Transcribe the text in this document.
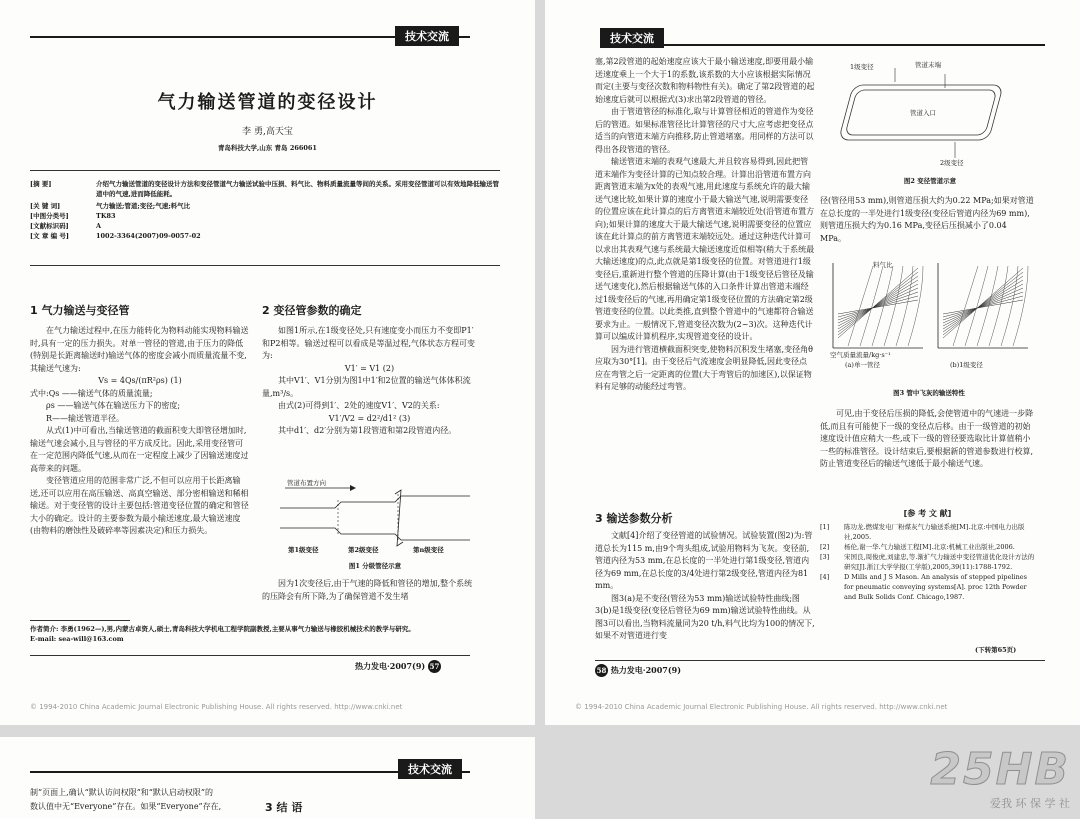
技术交流
气力输送管道的变径设计
李 勇,高天宝
青岛科技大学,山东 青岛 266061
[摘 要]	介绍气力输送管道的变径设计方法和变径管道气力输送试验中压损、料气比、物料质量流量等间的关系。采用变径管道可以有效地降低输送管道中的气速,进而降低能耗。
[关 键 词]	气力输送;管道;变径;气速;料气比
[中图分类号]	TK83
[文献标识码]	A
[文 章 编 号]	1002-3364(2007)09-0057-02
1 气力输送与变径管
在气力输送过程中,在压力能转化为物料动能实现物料输送时,具有一定的压力损失。对单一管径的管道,由于压力的降低(特别是长距离输送时)输送气体的密度会减小而质量流量不变,其输送气速为:
Vs = 4Qs/(πR²ρs) (1)
式中:Qs ——输送气体的质量流量;
ρs ——输送气体在输送压力下的密度;
R——输送管道半径。
从式(1)中可看出,当输送管道的截面积变大即管径增加时,输送气速会减小,且与管径的平方成反比。因此,采用变径管可在一定范围内降低气速,从而在一定程度上减少了因输送速度过高带来的问题。
变径管道应用的范围非常广泛,不但可以应用于长距离输送,还可以应用在高压输送、高真空输送、部分密相输送和稀相输送。对于变径管的设计主要包括:管道变径位置的确定和管径大小的确定。设计的主要参数为最小输送速度,最大输送速度(由物料的磨蚀性及破碎率等因素决定)和压力损失。
2 变径管参数的确定
如图1所示,在1级变径处,只有速度变小而压力不变即P1′和P2相等。输送过程可以看成是等温过程,气体状态方程可变为:
V1′ = V1 (2)
其中V1′、V1分别为图1中1′和2位置的输送气体体积流量,m³/s。
由式(2)可得到1′、2处的速度V1′、V2的关系:
V1′/V2 = d2²/d1² (3)
其中d1′、d2′分别为第1段管道和第2段管道内径。
管道布置方向
第1级变径	第2级变径	第n级变径
图1 分级管径示意
因为1次变径后,由于气速的降低和管径的增加,整个系统的压降会有所下降,为了确保管道不发生堵
作者简介: 李勇(1962—),男,内蒙古卓资人,硕士,青岛科技大学机电工程学院副教授,主要从事气力输送与橡胶机械技术的教学与研究。
E-mail: sea-will@163.com
热力发电·2007(9) 57
© 1994-2010 China Academic Journal Electronic Publishing House. All rights reserved. http://www.cnki.net
技术交流
塞,第2段管道的起始速度应该大于最小输送速度,即要用最小输送速度乘上一个大于1的系数,该系数的大小应该根据实际情况而定(主要与变径次数和物料物性有关)。确定了第2段管道的起始速度后就可以根据式(3)求出第2段管道的管径。
由于管道管径的标准化,取与计算管径相近的管道作为变径后的管道。如果标准管径比计算管径的尺寸大,应考虑把变径点适当的向管道末端方向推移,防止管道堵塞。用同样的方法可以得出各段管道的管径。
输送管道末端的表观气速最大,并且较容易得到,因此把管道末端作为变径计算的已知点较合理。计算出沿管道布置方向距离管道末端为x处的表观气速,用此速度与系统允许的最大输送气速比较,如果计算的速度小于最大输送气速,说明需要变径的位置应该在此计算点的后方离管道末端较近处(沿管道布置方向);如果计算的速度大于最大输送气速,说明需要变径的位置应该在此计算点的前方离管道末端较远处。通过这种迭代计算可以求出其表观气速与系统最大输送速度近似相等(稍大于系统最大输送速度)的点,此点就是第1级变径的位置。对管道进行1级变径后,重新进行整个管道的压降计算(由于1级变径后管径及输送气速变化),然后根据输送气体的入口条件计算出管道末端经过1级变径后的气速,再用确定第1级变径位置的方法确定第2级管道变径的位置。以此类推,直到整个管道中的气速都符合输送要求为止。一般情况下,管道变径次数为(2~3)次。这种迭代计算可以编成计算机程序,实现管道变径的设计。
因为进行管道横截面积突变,使物料沉积发生堵塞,变径角θ应取为30°[1]。由于变径后气流速度会明显降低,因此变径点应在弯管之后一定距离的位置(大于弯管后的加速区),以保证物料有足够的动能经过弯管。
3 输送参数分析
文献[4]介绍了变径管道的试验情况。试验装置(图2)为:管道总长为115 m,由9个弯头组成,试验用物料为飞灰。变径前,管道内径为53 mm,在总长度的一半处进行第1级变径,管道内径为69 mm,在总长度的3/4处进行第2级变径,管道内径为81 mm。
图3(a)是不变径(管径为53 mm)输送试验特性曲线;图3(b)是1级变径(变径后管径为69 mm)输送试验特性曲线。从图3可以看出,当物料流量同为20 t/h,料气比均为100的情况下,如果不对管道进行变
1级变径	管道末端
管道入口
2级变径
图2 变径管道示意
径(管径用53 mm),则管道压损大约为0.22 MPa;如果对管道在总长度的一半处进行1级变径(变径后管道内径为69 mm),则管道压损大约为0.16 MPa,变径后压损减小了0.04 MPa。
料气比
空气质量流量/kg·s⁻¹
(a)单一管径	(b)1级变径
图3 管中飞灰的输送特性
可见,由于变径后压损的降低,会使管道中的气速进一步降低,而且有可能使下一级的变径点后移。由于一级管道的初始速度设计值应稍大一些,或下一级的管径要选取比计算值稍小一些的标准管径。设计结束后,要根据新的管道参数进行校算,防止管道变径后的输送气速低于最小输送气速。
[参 考 文 献]
[1]	陈功龙.燃煤发电厂粉煤灰气力输送系统[M].北京:中国电力出版社,2005.
[2]	杨伦,谢一华.气力输送工程[M].北京:机械工业出版社,2006.
[3]	宋国良,周俊虎,刘建忠,等.渐扩气力输送中变径管道优化设计方法的研究[J].浙江大学学报(工学版),2005,39(11):1788-1792.
[4]	D Mills and J S Mason. An analysis of stepped pipelines for pneumatic conveying systems[A]. proc 12th Powder and Bulk Solids Conf. Chicago,1987.
(下转第65页)
58 热力发电·2007(9)
© 1994-2010 China Academic Journal Electronic Publishing House. All rights reserved. http://www.cnki.net
技术交流
制”页面上,确认“默认访问权限”和“默认启动权限”的
数认值中无“Everyone”存在。如果“Everyone”存在,	3 结 语
25HB
爱我 环 保 学 社
